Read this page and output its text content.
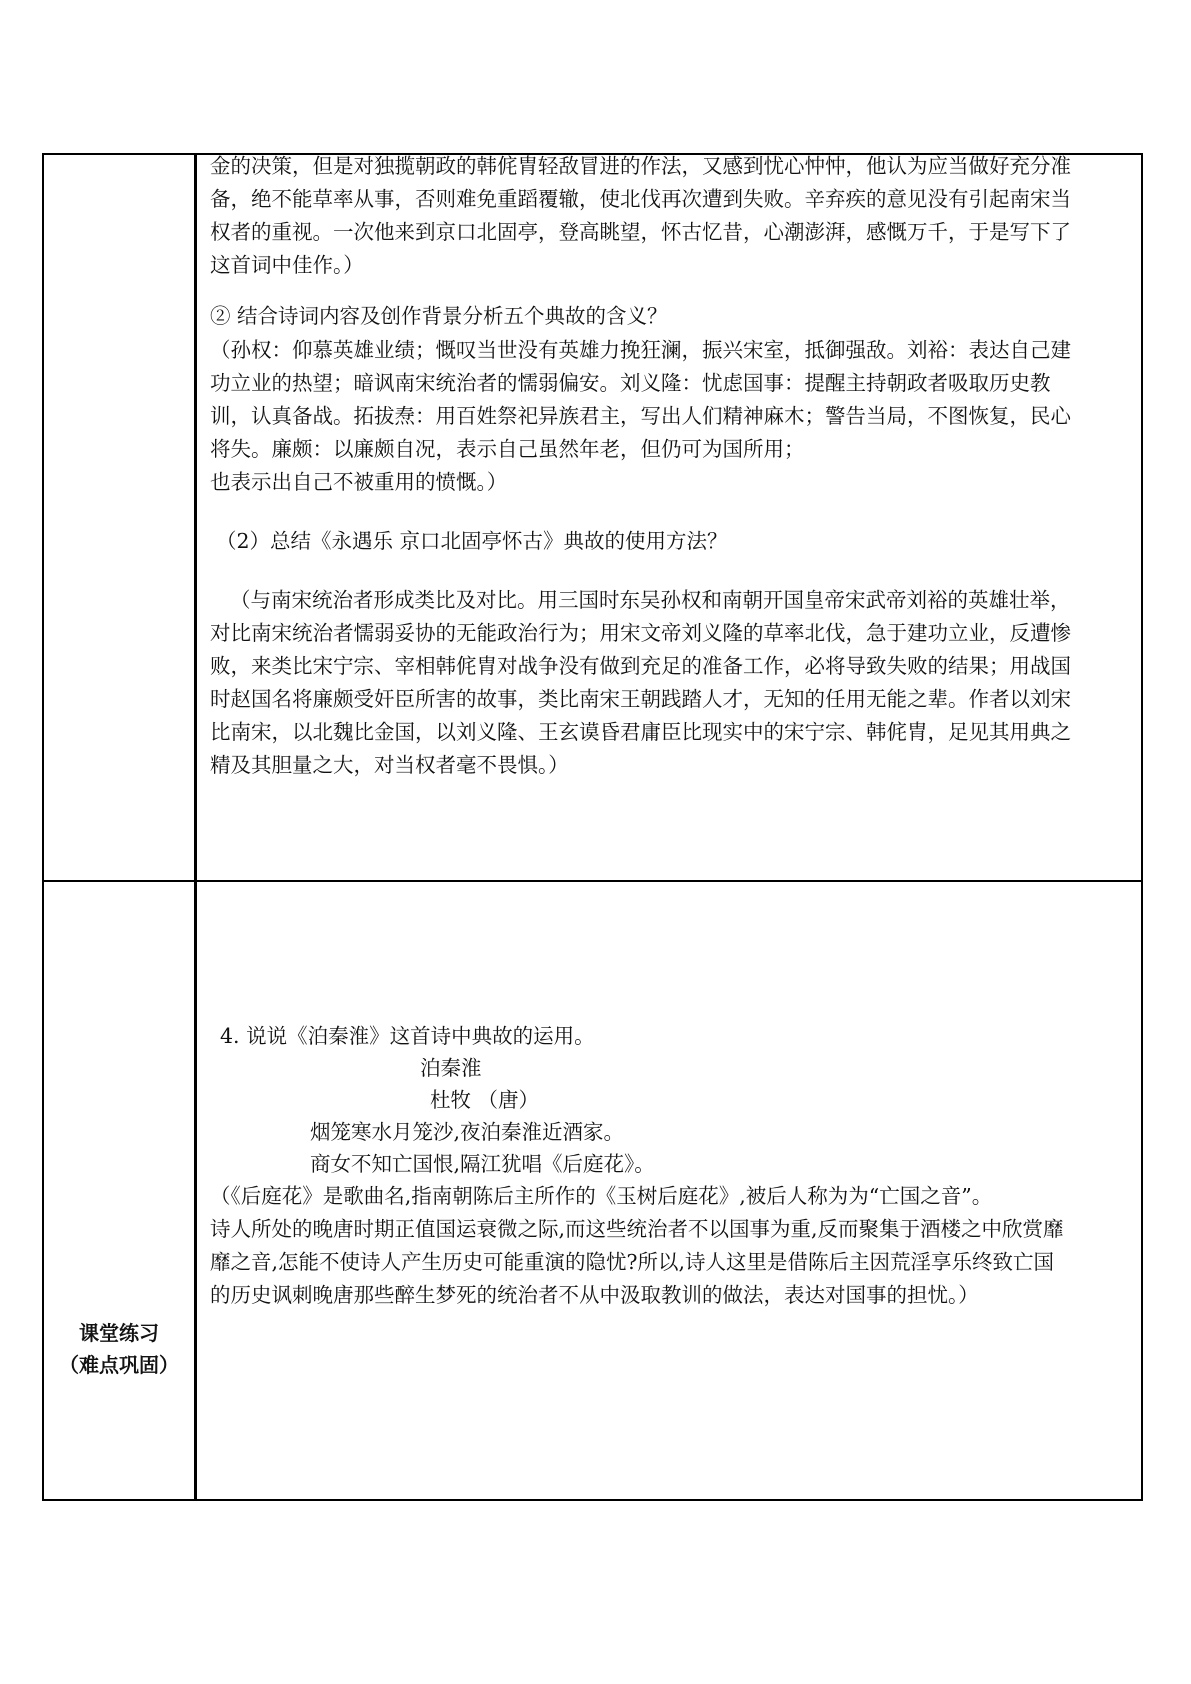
金的决策，但是对独揽朝政的韩侂胄轻敌冒进的作法，又感到忧心忡忡，他认为应当做好充分准
备，绝不能草率从事，否则难免重蹈覆辙，使北伐再次遭到失败。辛弃疾的意见没有引起南宋当
权者的重视。一次他来到京口北固亭，登高眺望，怀古忆昔，心潮澎湃，感慨万千，于是写下了
这首词中佳作。）
② 结合诗词内容及创作背景分析五个典故的含义？
（孙权：仰慕英雄业绩；慨叹当世没有英雄力挽狂澜，振兴宋室，抵御强敌。刘裕：表达自己建
功立业的热望；暗讽南宋统治者的懦弱偏安。刘义隆：忧虑国事：提醒主持朝政者吸取历史教
训，认真备战。拓拔焘：用百姓祭祀异族君主，写出人们精神麻木；警告当局，不图恢复，民心
将失。廉颇：以廉颇自况，表示自己虽然年老，但仍可为国所用；
也表示出自己不被重用的愤慨。）
（2）总结《永遇乐 京口北固亭怀古》典故的使用方法？
（与南宋统治者形成类比及对比。用三国时东吴孙权和南朝开国皇帝宋武帝刘裕的英雄壮举，
对比南宋统治者懦弱妥协的无能政治行为；用宋文帝刘义隆的草率北伐，急于建功立业，反遭惨
败，来类比宋宁宗、宰相韩侂胄对战争没有做到充足的准备工作，必将导致失败的结果；用战国
时赵国名将廉颇受奸臣所害的故事，类比南宋王朝践踏人才，无知的任用无能之辈。作者以刘宋
比南宋，以北魏比金国，以刘义隆、王玄谟昏君庸臣比现实中的宋宁宗、韩侂胄，足见其用典之
精及其胆量之大，对当权者毫不畏惧。）
课堂练习
（难点巩固）
4. 说说《泊秦淮》这首诗中典故的运用。
泊秦淮
杜牧 （唐）
烟笼寒水月笼沙,夜泊秦淮近酒家。
商女不知亡国恨,隔江犹唱《后庭花》。
（《后庭花》是歌曲名,指南朝陈后主所作的《玉树后庭花》,被后人称为为“亡国之音”。
诗人所处的晚唐时期正值国运衰微之际,而这些统治者不以国事为重,反而聚集于酒楼之中欣赏靡
靡之音,怎能不使诗人产生历史可能重演的隐忧?所以,诗人这里是借陈后主因荒淫享乐终致亡国
的历史讽刺晚唐那些醉生梦死的统治者不从中汲取教训的做法，表达对国事的担忧。）
